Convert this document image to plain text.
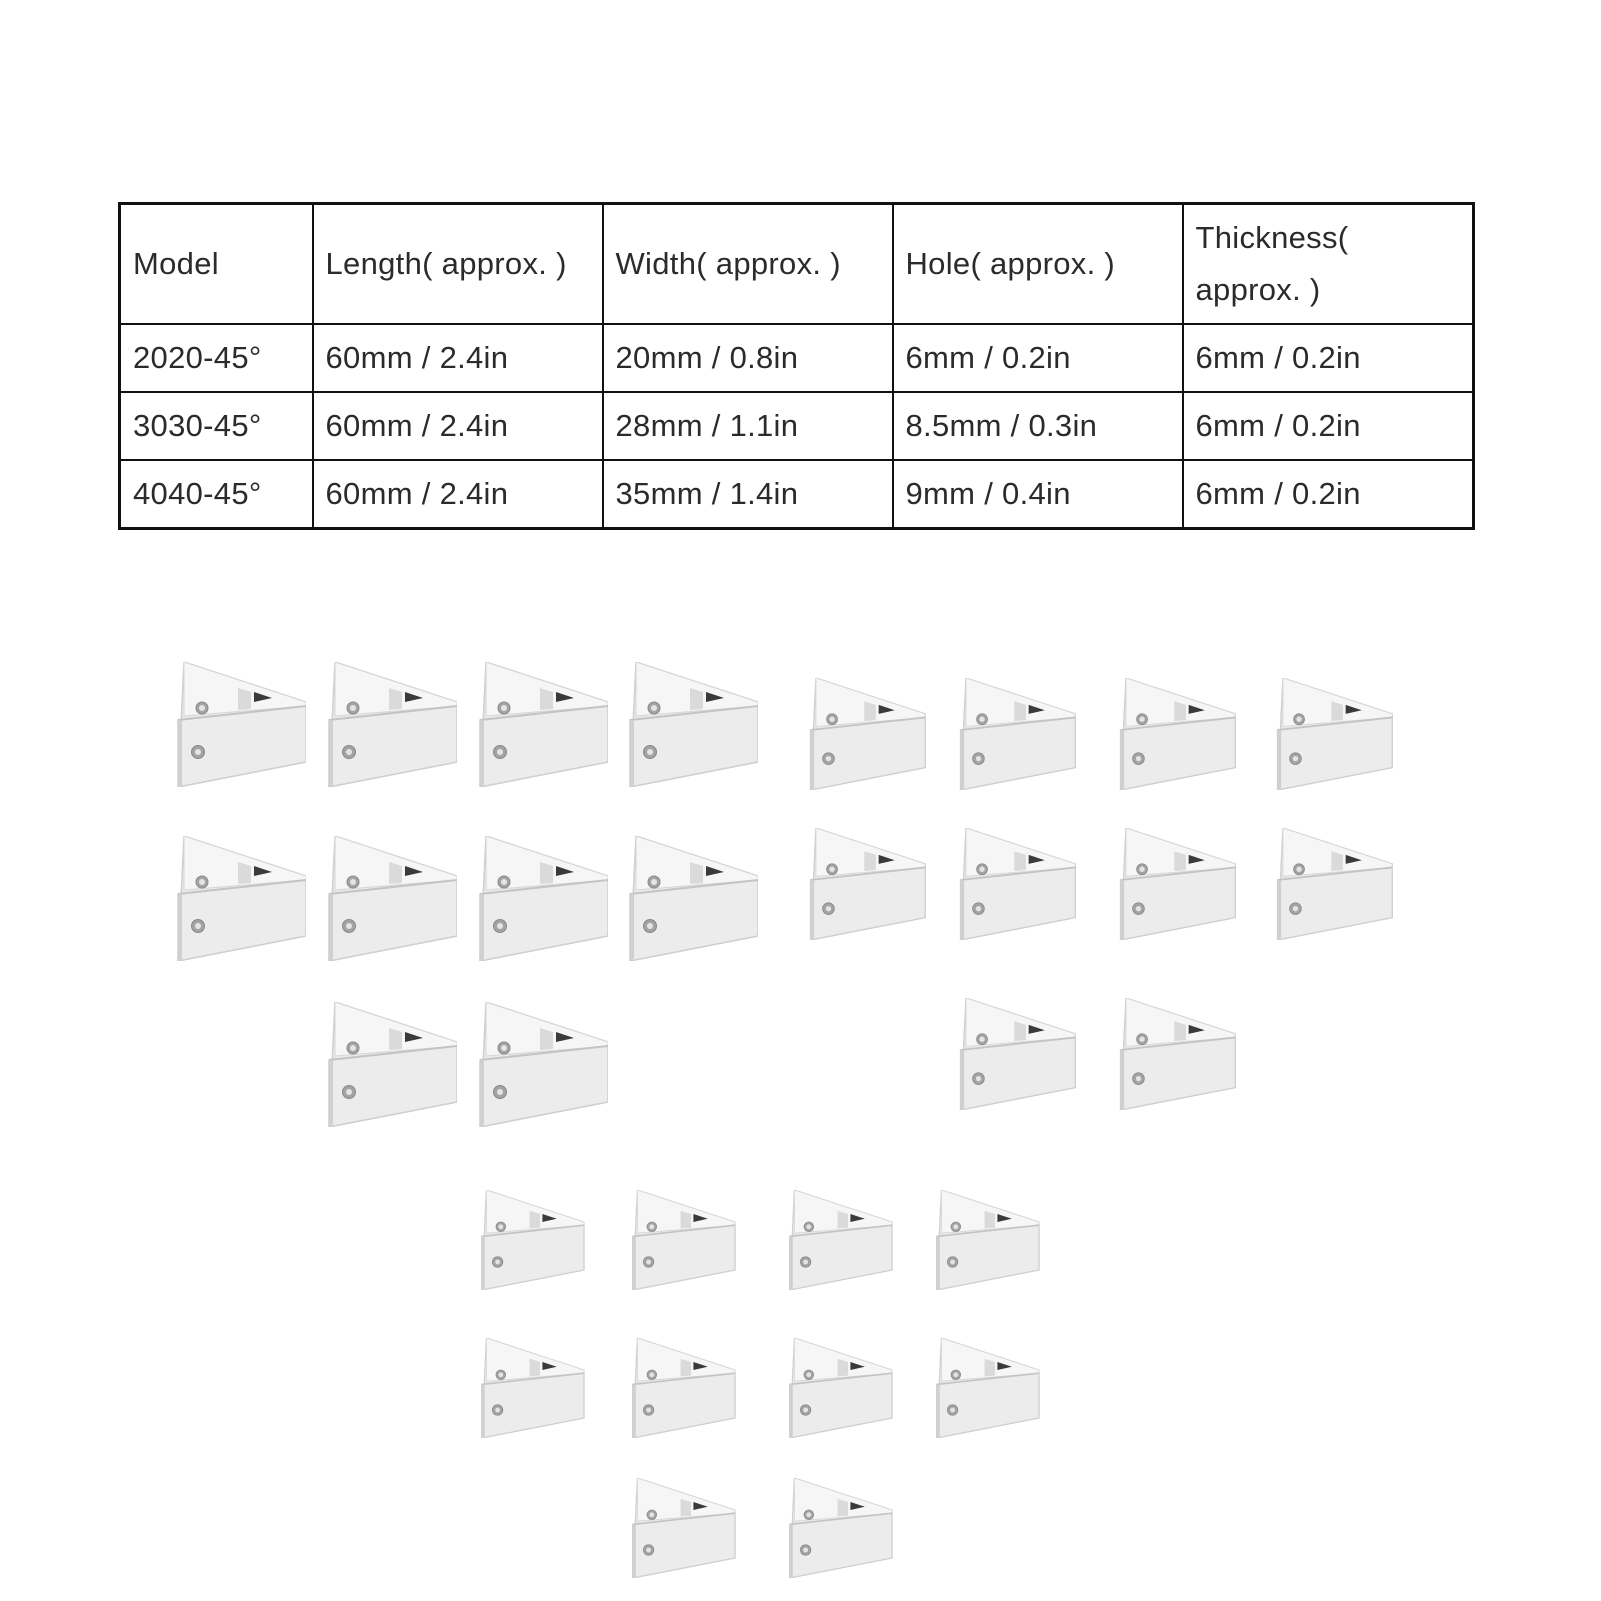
Model	Length( approx. )	Width( approx. )	Hole( approx. )	Thickness( approx. )
2020-45°	60mm / 2.4in	20mm / 0.8in	6mm / 0.2in	6mm / 0.2in
3030-45°	60mm / 2.4in	28mm / 1.1in	8.5mm / 0.3in	6mm / 0.2in
4040-45°	60mm / 2.4in	35mm / 1.4in	9mm / 0.4in	6mm / 0.2in
